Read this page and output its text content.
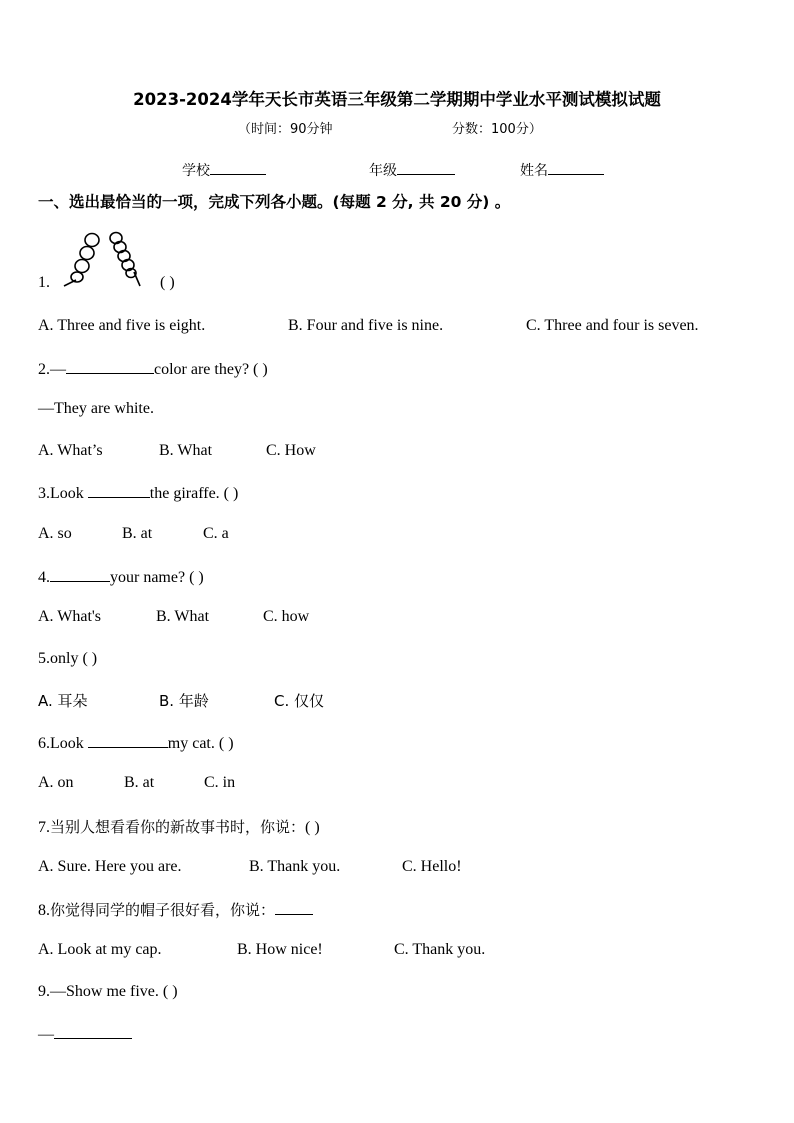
2023-2024学年天长市英语三年级第二学期期中学业水平测试模拟试题
（时间：90分钟	分数：100分）
学校	年级	姓名
一、选出最恰当的一项，完成下列各小题。(每题 2 分, 共 20 分) 。
1.	( )
A. Three and five is eight.	B. Four and five is nine.	C. Three and four is seven.
2.—	color are they? ( )
—They are white.
A. What’s	B. What	C. How
3.Look	the giraffe. ( )
A. so	B. at	C. a
4.	your name? ( )
A. What's	B. What	C. how
5.only ( )
A. 耳朵	B. 年龄	C. 仅仅
6.Look	my cat. ( )
A. on	B. at	C. in
7.当别人想看看你的新故事书时，你说：( )
A. Sure. Here you are.	B. Thank you.	C. Hello!
8.你觉得同学的帽子很好看，你说：
A. Look at my cap.	B. How nice!	C. Thank you.
9.—Show me five. ( )
—
